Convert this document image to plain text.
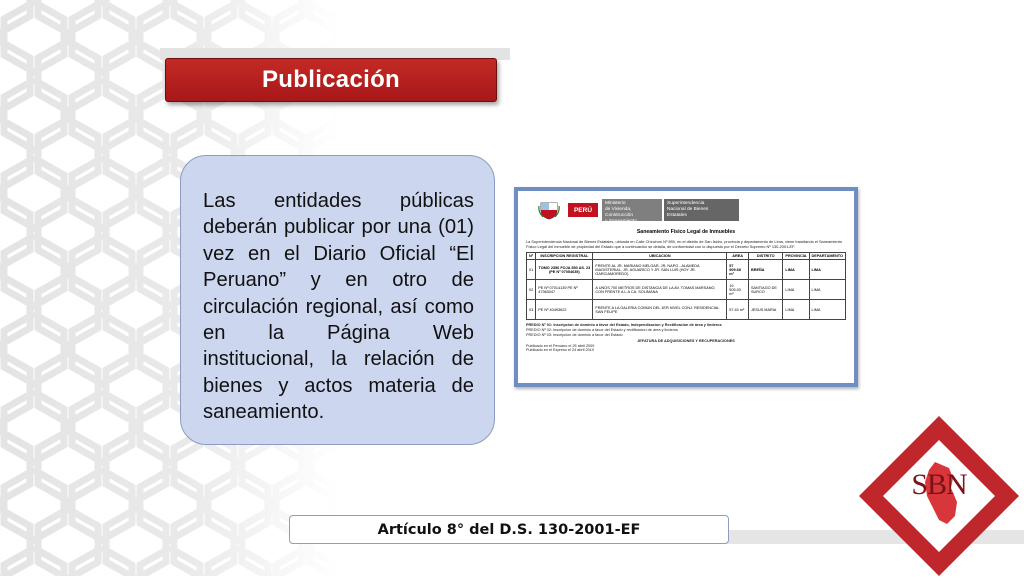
Publicación

Las entidades públicas deberán publicar por una (01) vez en el Diario Oficial “El Peruano” y en otro de circulación regional, así como en la Página Web institucional, la relación de bienes y actos materia de saneamiento.

PERÚ
Ministerio
de Vivienda, Construcción
y Saneamiento
Superintendencia
Nacional de Bienes
Estatales
Saneamiento Físico Legal de Inmuebles
La Superintendencia Nacional de Bienes Estatales, ubicada en Calle Chinchon Nº 890, en el distrito de San Isidro, provincia y departamento de Lima, viene tramitando el Saneamiento Físico Legal del inmueble de propiedad del Estado que a continuación se detalla, de conformidad con lo dispuesto por el Decreto Supremo Nº 130-2001-EF.
Nº	INSCRIPCION REGISTRAL	UBICACION	AREA	DISTRITO	PROVINCIA	DEPARTAMENTO
01	TOMO 2356 FOJA 550 AS. 23 (PE Nº 07054635)	FRENTE AL JR. MARIANO MELGAR, JR. NAPO - ALAMEDA MAGISTERIAL, JR. AGUARICO Y JR. SAN LUIS (HOY JR. GARCIAMOREDO)	57 909.68 m²	BREÑA	LIMA	LIMA
02	PE Nº 07014139 PE Nº 47363047	A UNOS 700 METROS DE DISTANCIA DE LA AV. TOMAS MARSANO, CON FRENTE A L.A CA. SOLIMANA	19 505.00 m²	SANTIAGO DE SURCO	LIMA	LIMA
03	PE Nº 40493622	FRENTE A LA GALERIA COMUN DEL 1ER NIVEL CONJ. RESIDENCIAL SAN FELIPE	57.40 m²	JESUS MARIA	LIMA	LIMA
PREDIO Nº 01: Inscripcion de dominio a favor del Estado, Independizacion y Rectificacion de área y linderos
PREDIO Nº 02: Inscripcion de dominio a favor del Estado y rectificacion de área y linderos
PREDIO Nº 03: Inscripcion de dominio a favor del Estado
JEFATURA DE ADQUISICIONES Y RECUPERACIONES
Publicado en el Peruano el 25 abril 2009
Publicado en el Expreso el 24 abril 2010
Artículo 8° del D.S. 130-2001-EF
SBN
